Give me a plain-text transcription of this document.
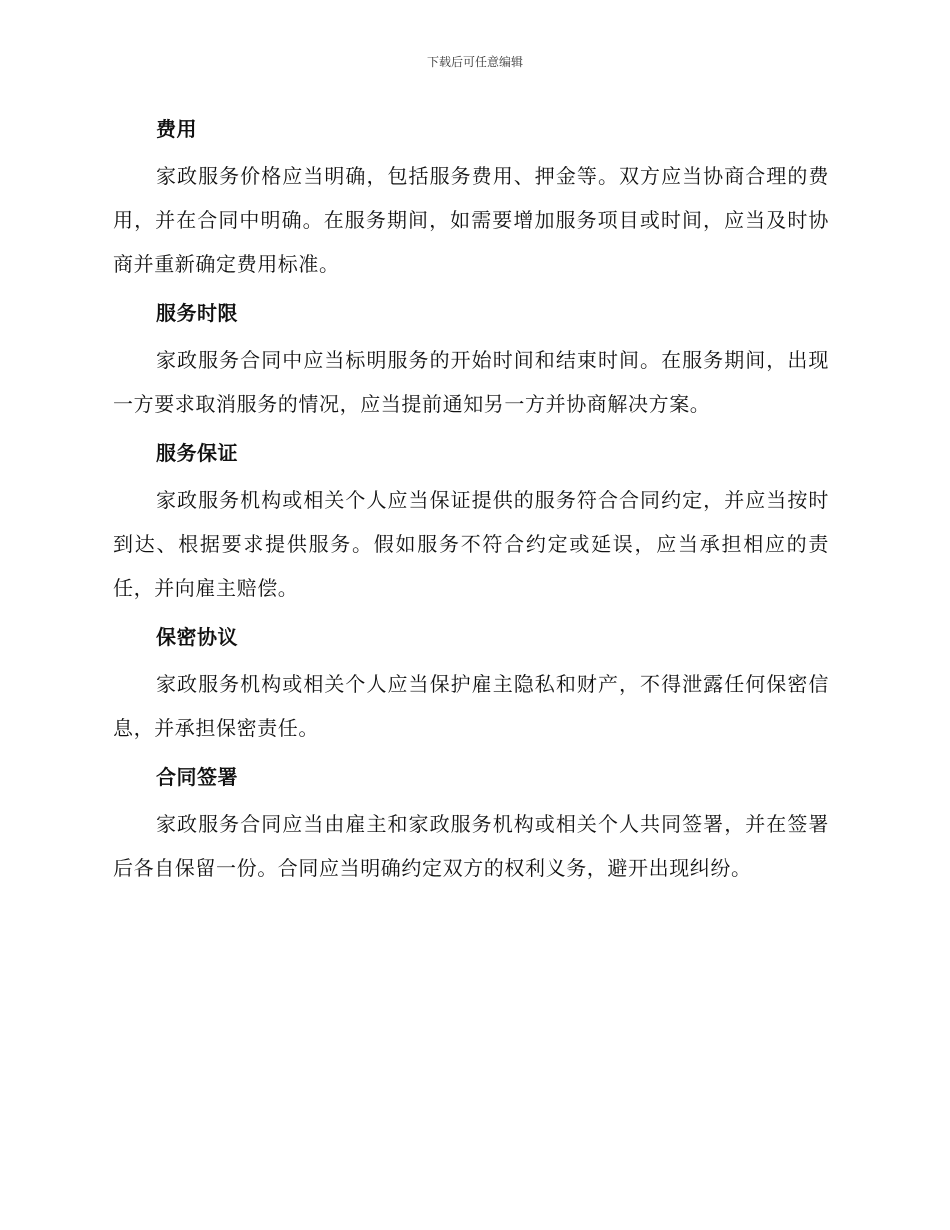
下载后可任意编辑
费用

家政服务价格应当明确，包括服务费用、押金等。双方应当协商合理的费用，并在合同中明确。在服务期间，如需要增加服务项目或时间，应当及时协商并重新确定费用标准。

服务时限

家政服务合同中应当标明服务的开始时间和结束时间。在服务期间，出现一方要求取消服务的情况，应当提前通知另一方并协商解决方案。

服务保证

家政服务机构或相关个人应当保证提供的服务符合合同约定，并应当按时到达、根据要求提供服务。假如服务不符合约定或延误，应当承担相应的责任，并向雇主赔偿。

保密协议

家政服务机构或相关个人应当保护雇主隐私和财产，不得泄露任何保密信息，并承担保密责任。

合同签署

家政服务合同应当由雇主和家政服务机构或相关个人共同签署，并在签署后各自保留一份。合同应当明确约定双方的权利义务，避开出现纠纷。
